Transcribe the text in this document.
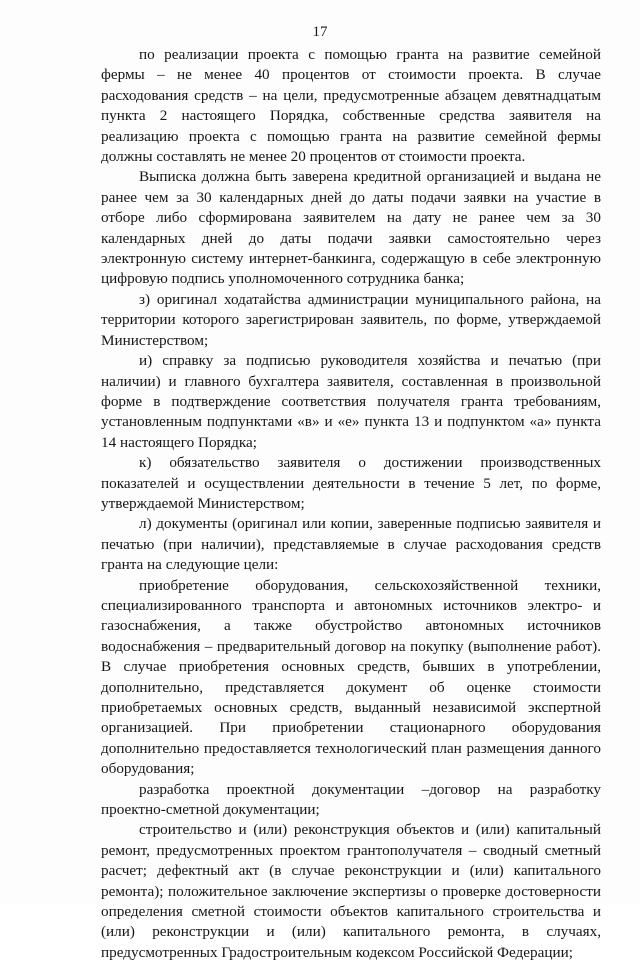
17

по реализации проекта с помощью гранта на развитие семейной фермы – не менее 40 процентов от стоимости проекта. В случае расходования средств – на цели, предусмотренные абзацем девятнадцатым пункта 2 настоящего Порядка, собственные средства заявителя на реализацию проекта с помощью гранта на развитие семейной фермы должны составлять не менее 20 процентов от стоимости проекта.

Выписка должна быть заверена кредитной организацией и выдана не ранее чем за 30 календарных дней до даты подачи заявки на участие в отборе либо сформирована заявителем на дату не ранее чем за 30 календарных дней до даты подачи заявки самостоятельно через электронную систему интернет-банкинга, содержащую в себе электронную цифровую подпись уполномоченного сотрудника банка;

з) оригинал ходатайства администрации муниципального района, на территории которого зарегистрирован заявитель, по форме, утверждаемой Министерством;

и) справку за подписью руководителя хозяйства и печатью (при наличии) и главного бухгалтера заявителя, составленная в произвольной форме в подтверждение соответствия получателя гранта требованиям, установленным подпунктами «в» и «е» пункта 13 и подпунктом «а» пункта 14 настоящего Порядка;

к) обязательство заявителя о достижении производственных показателей и осуществлении деятельности в течение 5 лет, по форме, утверждаемой Министерством;

л) документы (оригинал или копии, заверенные подписью заявителя и печатью (при наличии), представляемые в случае расходования средств гранта на следующие цели:

приобретение оборудования, сельскохозяйственной техники, специализированного транспорта и автономных источников электро- и газоснабжения, а также обустройство автономных источников водоснабжения – предварительный договор на покупку (выполнение работ). В случае приобретения основных средств, бывших в употреблении, дополнительно, представляется документ об оценке стоимости приобретаемых основных средств, выданный независимой экспертной организацией. При приобретении стационарного оборудования дополнительно предоставляется технологический план размещения данного оборудования;

разработка проектной документации –договор на разработку проектно-сметной документации;

строительство и (или) реконструкция объектов и (или) капитальный ремонт, предусмотренных проектом грантополучателя – сводный сметный расчет; дефектный акт (в случае реконструкции и (или) капитального ремонта); положительное заключение экспертизы о проверке достоверности определения сметной стоимости объектов капитального строительства и (или) реконструкции и (или) капитального ремонта, в случаях, предусмотренных Градостроительным кодексом Российской Федерации;
